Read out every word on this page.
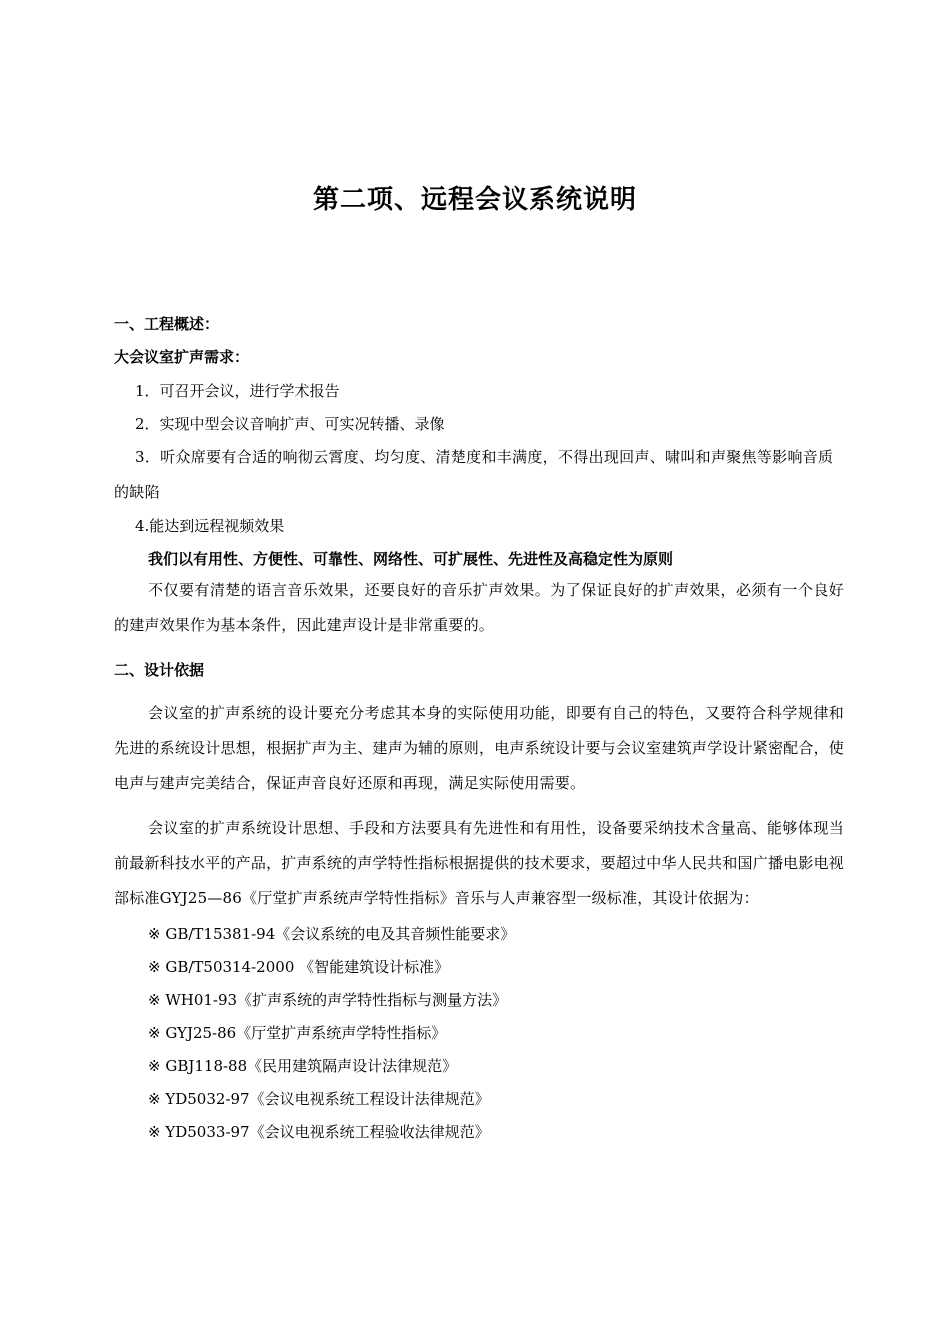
第二项、远程会议系统说明
一、工程概述：
大会议室扩声需求：
1．可召开会议，进行学术报告
2．实现中型会议音响扩声、可实况转播、录像
3．听众席要有合适的响彻云霄度、均匀度、清楚度和丰满度，不得出现回声、啸叫和声聚焦等影响音质的缺陷
4.能达到远程视频效果
我们以有用性、方便性、可靠性、网络性、可扩展性、先进性及高稳定性为原则
不仅要有清楚的语言音乐效果，还要良好的音乐扩声效果。为了保证良好的扩声效果，必须有一个良好的建声效果作为基本条件，因此建声设计是非常重要的。
二、设计依据
会议室的扩声系统的设计要充分考虑其本身的实际使用功能，即要有自己的特色，又要符合科学规律和先进的系统设计思想，根据扩声为主、建声为辅的原则，电声系统设计要与会议室建筑声学设计紧密配合，使电声与建声完美结合，保证声音良好还原和再现，满足实际使用需要。
会议室的扩声系统设计思想、手段和方法要具有先进性和有用性，设备要采纳技术含量高、能够体现当前最新科技水平的产品，扩声系统的声学特性指标根据提供的技术要求，要超过中华人民共和国广播电影电视部标准GYJ25—86《厅堂扩声系统声学特性指标》音乐与人声兼容型一级标准，其设计依据为：
※ GB/T15381-94《会议系统的电及其音频性能要求》
※ GB/T50314-2000 《智能建筑设计标准》
※ WH01-93《扩声系统的声学特性指标与测量方法》
※ GYJ25-86《厅堂扩声系统声学特性指标》
※ GBJ118-88《民用建筑隔声设计法律规范》
※ YD5032-97《会议电视系统工程设计法律规范》
※ YD5033-97《会议电视系统工程验收法律规范》
